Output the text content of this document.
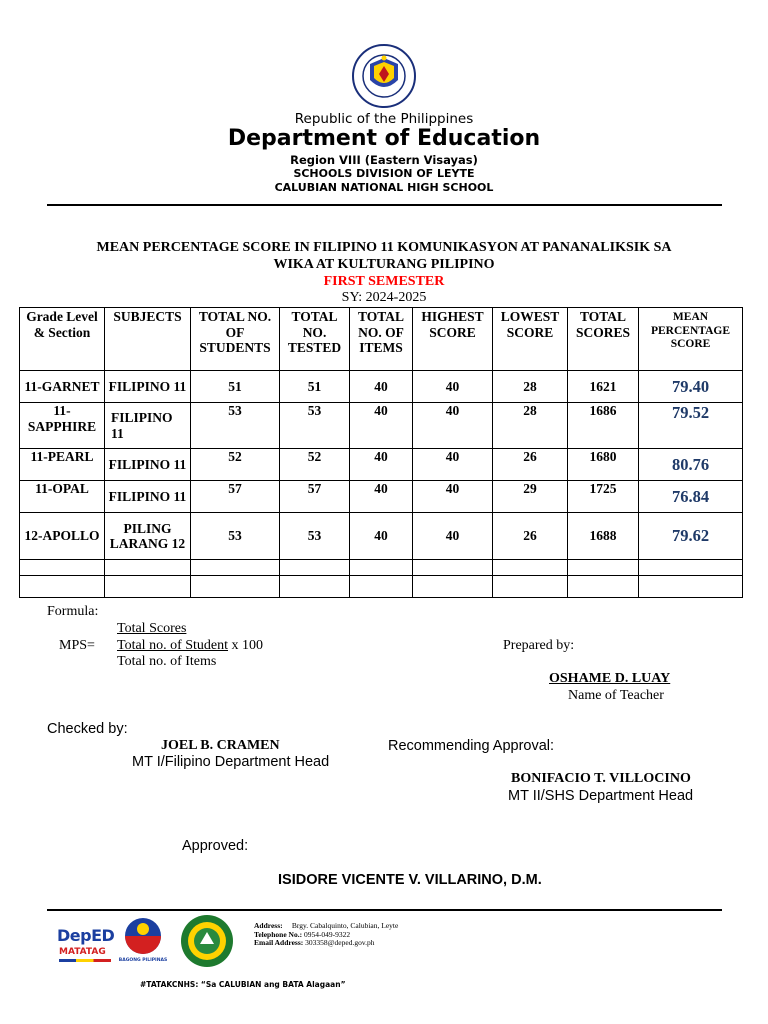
Republic of the Philippines
Department of Education
Region VIII (Eastern Visayas)
SCHOOLS DIVISION OF LEYTE
CALUBIAN NATIONAL HIGH SCHOOL
MEAN PERCENTAGE SCORE IN FILIPINO 11 KOMUNIKASYON AT PANANALIKSIK SA
WIKA AT KULTURANG PILIPINO
FIRST SEMESTER
SY: 2024-2025
Grade Level & Section	SUBJECTS	TOTAL NO. OF STUDENTS	TOTAL NO. TESTED	TOTAL NO. OF ITEMS	HIGHEST SCORE	LOWEST SCORE	TOTAL SCORES	MEAN PERCENTAGE SCORE
11-GARNET	FILIPINO 11	51	51	40	40	28	1621	79.40
11-SAPPHIRE	FILIPINO 11	53	53	40	40	28	1686	79.52
11-PEARL	FILIPINO 11	52	52	40	40	26	1680	80.76
11-OPAL	FILIPINO 11	57	57	40	40	29	1725	76.84
12-APOLLO	PILING LARANG 12	53	53	40	40	26	1688	79.62

Formula:
Total Scores
MPS= Total no. of Student x 100
Total no. of Items
Prepared by:
OSHAME D. LUAY
Name of Teacher
Checked by:
JOEL B. CRAMEN
MT I/Filipino Department Head
Recommending Approval:
BONIFACIO T. VILLOCINO
MT II/SHS Department Head
Approved:
ISIDORE VICENTE V. VILLARINO, D.M.
DepED
MATATAG
BAGONG PILIPINAS
Address: Brgy. Cabalquinto, Calubian, Leyte
Telephone No.: 0954-049-9322
Email Address: 303358@deped.gov.ph
#TATAKCNHS: “Sa CALUBIAN ang BATA Alagaan”
